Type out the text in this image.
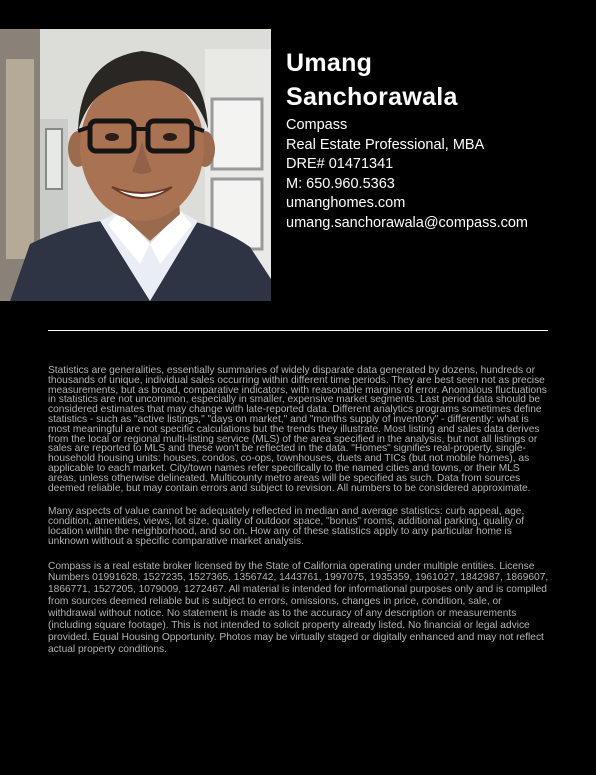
Umang
Sanchorawala
Compass
Real Estate Professional, MBA
DRE# 01471341
M: 650.960.5363
umanghomes.com
umang.sanchorawala@compass.com

Statistics are generalities, essentially summaries of widely disparate data generated by dozens, hundreds or thousands of unique, individual sales occurring within different time periods. They are best seen not as precise measurements, but as broad, comparative indicators, with reasonable margins of error. Anomalous fluctuations in statistics are not uncommon, especially in smaller, expensive market segments. Last period data should be considered estimates that may change with late-reported data. Different analytics programs sometimes define statistics - such as "active listings," "days on market," and "months supply of inventory" - differently: what is most meaningful are not specific calculations but the trends they illustrate. Most listing and sales data derives from the local or regional multi-listing service (MLS) of the area specified in the analysis, but not all listings or sales are reported to MLS and these won't be reflected in the data. "Homes" signifies real-property, single-household housing units: houses, condos, co-ops, townhouses, duets and TICs (but not mobile homes), as applicable to each market. City/town names refer specifically to the named cities and towns, or their MLS areas, unless otherwise delineated. Multicounty metro areas will be specified as such. Data from sources deemed reliable, but may contain errors and subject to revision. All numbers to be considered approximate.

Many aspects of value cannot be adequately reflected in median and average statistics: curb appeal, age, condition, amenities, views, lot size, quality of outdoor space, "bonus" rooms, additional parking, quality of location within the neighborhood, and so on. How any of these statistics apply to any particular home is unknown without a specific comparative market analysis.

Compass is a real estate broker licensed by the State of California operating under multiple entities. License Numbers 01991628, 1527235, 1527365, 1356742, 1443761, 1997075, 1935359, 1961027, 1842987, 1869607, 1866771, 1527205, 1079009, 1272467. All material is intended for informational purposes only and is compiled from sources deemed reliable but is subject to errors, omissions, changes in price, condition, sale, or withdrawal without notice. No statement is made as to the accuracy of any description or measurements (including square footage). This is not intended to solicit property already listed. No financial or legal advice provided. Equal Housing Opportunity. Photos may be virtually staged or digitally enhanced and may not reflect actual property conditions.
